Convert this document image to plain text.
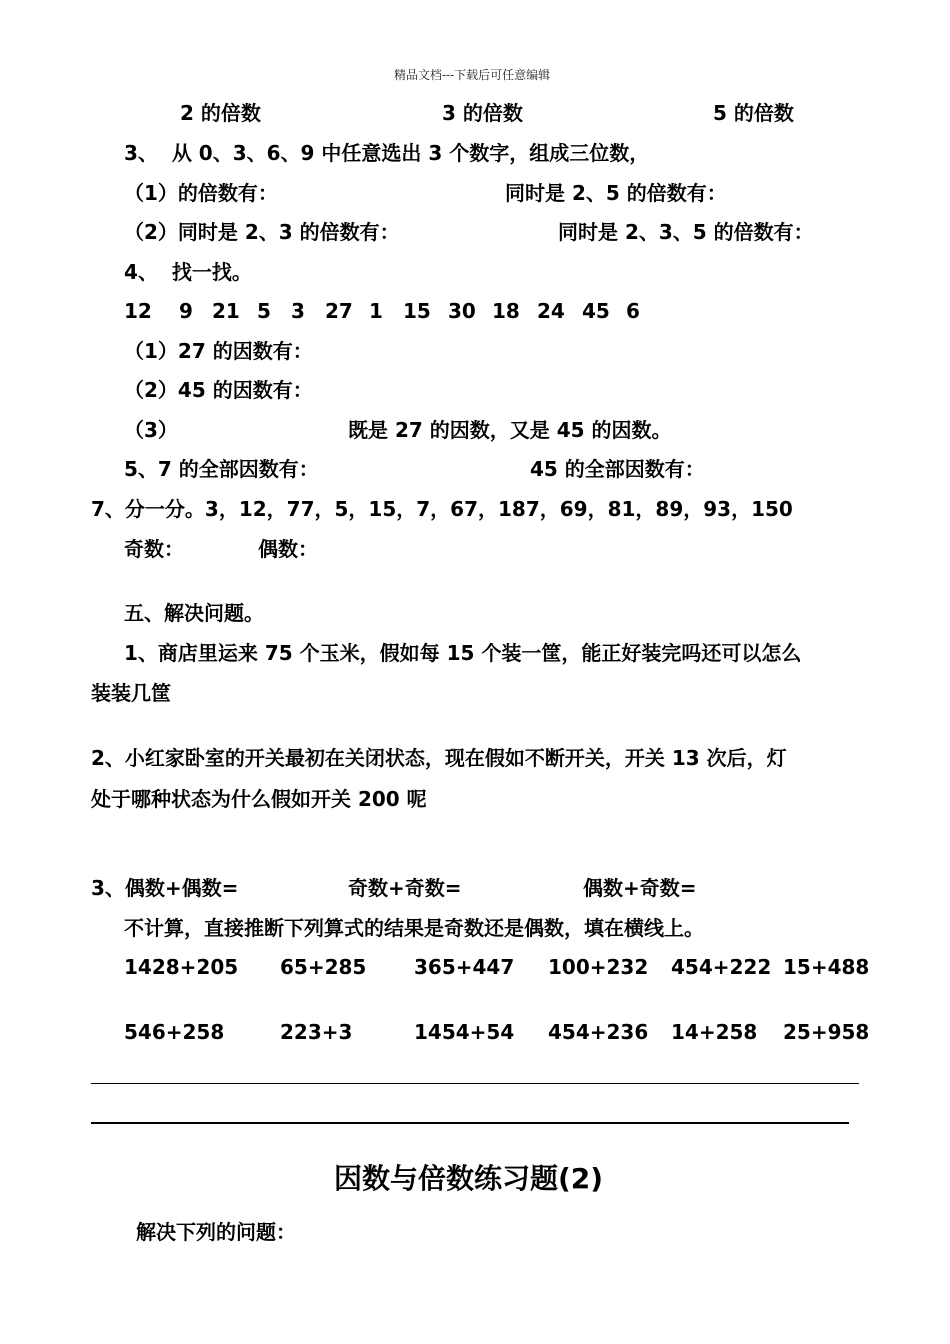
精品文档---下载后可任意编辑
2 的倍数	3 的倍数	5 的倍数
3、  从 0、3、6、9 中任意选出 3 个数字，组成三位数，
（1）的倍数有：	同时是 2、5 的倍数有：
（2）同时是 2、3 的倍数有：	同时是 2、3、5 的倍数有：
4、  找一找。
12 9 21 5 3 27 1 15 30 18 24 45 6
（1）27 的因数有：
（2）45 的因数有：
（3）	既是 27 的因数，又是 45 的因数。
5、7 的全部因数有：	45 的全部因数有：
7、分一分。3，12，77，5，15，7，67，187，69，81，89，93，150
奇数：	偶数：
五、解决问题。
1、商店里运来 75 个玉米，假如每 15 个装一筐，能正好装完吗还可以怎么
装装几筐
2、小红家卧室的开关最初在关闭状态，现在假如不断开关，开关 13 次后，灯
处于哪种状态为什么假如开关 200 呢
3、偶数+偶数=	奇数+奇数=	偶数+奇数=
不计算，直接推断下列算式的结果是奇数还是偶数，填在横线上。
1428+205 65+285 365+447 100+232 454+222 15+488
546+258	223+3	1454+54 454+236 14+258 25+958
因数与倍数练习题(2)
解决下列的问题：
